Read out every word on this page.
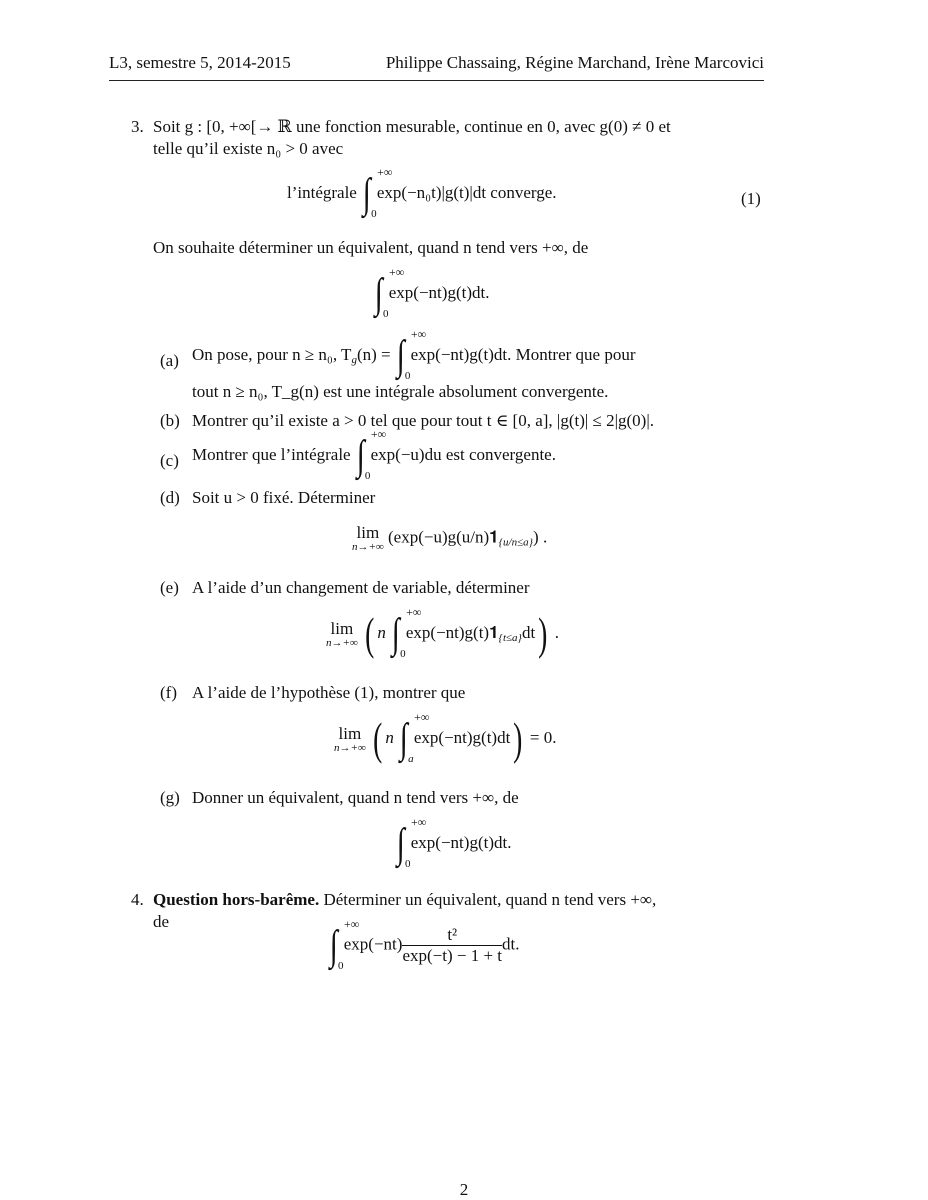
L3, semestre 5, 2014-2015	Philippe Chassaing, Régine Marchand, Irène Marcovici
3. Soit g : [0, +∞[→ ℝ une fonction mesurable, continue en 0, avec g(0) ≠ 0 et
telle qu’il existe n₀ > 0 avec
l’intégrale ∫ +∞
0
exp(−n₀t)|g(t)|dt converge.	(1)
On souhaite déterminer un équivalent, quand n tend vers +∞, de
∫ +∞
0
exp(−nt)g(t)dt.
(a) On pose, pour n ≥ n₀, $T_g(n)$ = ∫ +∞
0
exp(−nt)g(t)dt. Montrer que pour
tout n ≥ n₀, T_g(n) est une intégrale absolument convergente.
(b) Montrer qu’il existe a > 0 tel que pour tout t ∈ [0, a], |g(t)| ≤ 2|g(0)|.
(c) Montrer que l’intégrale ∫ +∞
0
exp(−u)du est convergente.
(d) Soit u > 0 fixé. Déterminer
lim
n→+∞
$(\exp(-u)g(u/n)𝟏_{\{u/n\le a\}})$ .
(e) A l’aide d’un changement de variable, déterminer
lim
n→+∞ ( n ∫ +∞
0
$\exp(-nt)g(t)𝟏_{\{t\le a\}}dt$) .
(f) A l’aide de l’hypothèse (1), montrer que
lim
n→+∞ ( n ∫ +∞
a
exp(−nt)g(t)dt) = 0.
(g) Donner un équivalent, quand n tend vers +∞, de
∫ +∞
0
exp(−nt)g(t)dt.
4. Question hors-barême. Déterminer un équivalent, quand n tend vers +∞,
de
∫ +∞
0
$\exp(-nt) \frac{\text{t²}}{\exp(-t) - 1 + t}$ dt.
2
